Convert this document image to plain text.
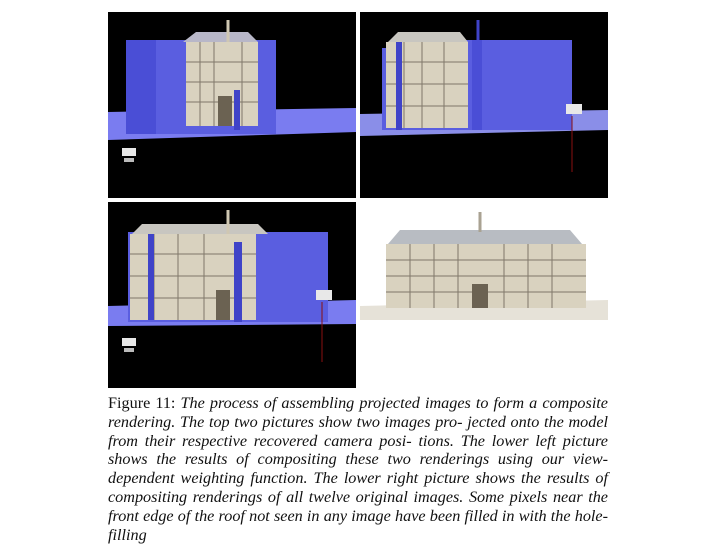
Figure 11: The process of assembling projected images to form a composite rendering. The top two pictures show two images pro- jected onto the model from their respective recovered camera posi- tions. The lower left picture shows the results of compositing these two renderings using our view-dependent weighting function. The lower right picture shows the results of compositing renderings of all twelve original images. Some pixels near the front edge of the roof not seen in any image have been filled in with the hole-filling
